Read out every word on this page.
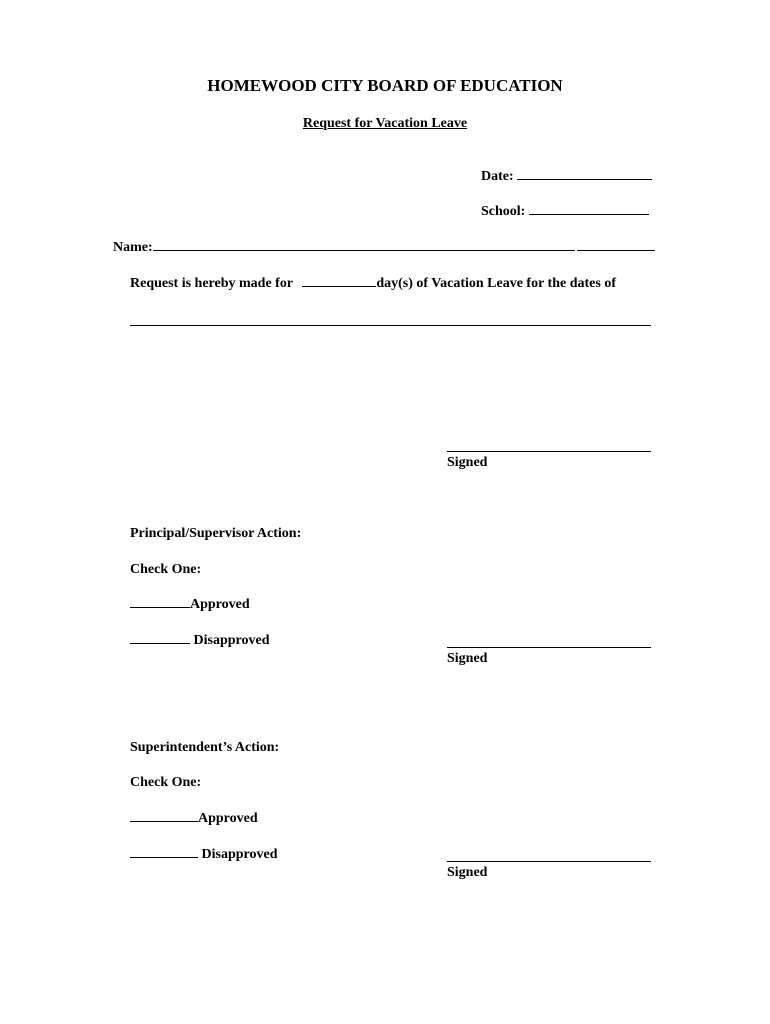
HOMEWOOD CITY BOARD OF EDUCATION
Request for Vacation Leave
Date:
School:
Name:
Request is hereby made for	day(s) of Vacation Leave for the dates of
Signed
Principal/Supervisor Action:
Check One:
Approved
Disapproved
Signed
Superintendent’s Action:
Check One:
Approved
Disapproved
Signed
